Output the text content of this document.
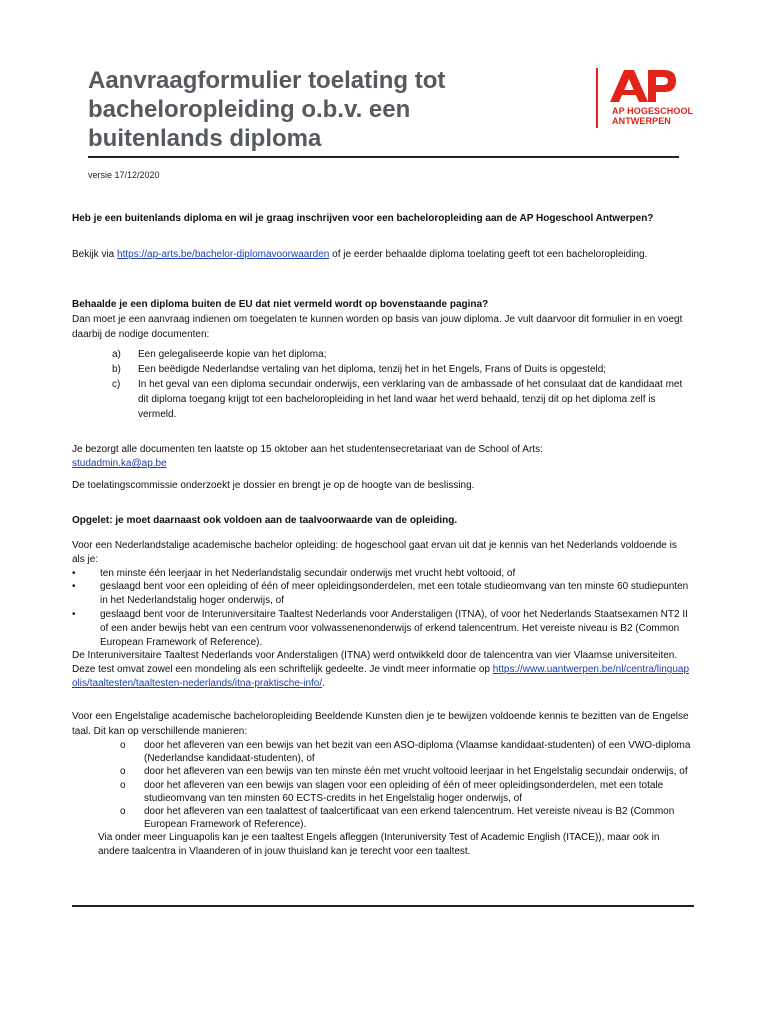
Aanvraagformulier toelating tot bacheloropleiding o.b.v. een buitenlands diploma
AP HOGESCHOOL
ANTWERPEN
versie 17/12/2020
Heb je een buitenlands diploma en wil je graag inschrijven voor een bacheloropleiding aan de AP Hogeschool Antwerpen?
Bekijk via https://ap-arts.be/bachelor-diplomavoorwaarden of je eerder behaalde diploma toelating geeft tot een bacheloropleiding.
Behaalde je een diploma buiten de EU dat niet vermeld wordt op bovenstaande pagina?
Dan moet je een aanvraag indienen om toegelaten te kunnen worden op basis van jouw diploma. Je vult daarvoor dit formulier in en voegt daarbij de nodige documenten:
a) Een gelegaliseerde kopie van het diploma;
b) Een beëdigde Nederlandse vertaling van het diploma, tenzij het in het Engels, Frans of Duits is opgesteld;
c) In het geval van een diploma secundair onderwijs, een verklaring van de ambassade of het consulaat dat de kandidaat met dit diploma toegang krijgt tot een bacheloropleiding in het land waar het werd behaald, tenzij dit op het diploma zelf is vermeld.
Je bezorgt alle documenten ten laatste op 15 oktober aan het studentensecretariaat van de School of Arts:
studadmin.ka@ap.be
De toelatingscommissie onderzoekt je dossier en brengt je op de hoogte van de beslissing.
Opgelet: je moet daarnaast ook voldoen aan de taalvoorwaarde van de opleiding.
Voor een Nederlandstalige academische bachelor opleiding: de hogeschool gaat ervan uit dat je kennis van het Nederlands voldoende is als je:
• ten minste één leerjaar in het Nederlandstalig secundair onderwijs met vrucht hebt voltooid, of
• geslaagd bent voor een opleiding of één of meer opleidingsonderdelen, met een totale studieomvang van ten minste 60 studiepunten in het Nederlandstalig hoger onderwijs, of
• geslaagd bent voor de Interuniversitaire Taaltest Nederlands voor Anderstaligen (ITNA), of voor het Nederlands Staatsexamen NT2 II of een ander bewijs hebt van een centrum voor volwassenenonderwijs of erkend talencentrum. Het vereiste niveau is B2 (Common European Framework of Reference).
De Interuniversitaire Taaltest Nederlands voor Anderstaligen (ITNA) werd ontwikkeld door de talencentra van vier Vlaamse universiteiten. Deze test omvat zowel een mondeling als een schriftelijk gedeelte. Je vindt meer informatie op https://www.uantwerpen.be/nl/centra/linguapolis/taaltesten/taaltesten-nederlands/itna-praktische-info/.
Voor een Engelstalige academische bacheloropleiding Beeldende Kunsten dien je te bewijzen voldoende kennis te bezitten van de Engelse taal. Dit kan op verschillende manieren:
o door het afleveren van een bewijs van het bezit van een ASO-diploma (Vlaamse kandidaat-studenten) of een VWO-diploma (Nederlandse kandidaat-studenten), of
o door het afleveren van een bewijs van ten minste één met vrucht voltooid leerjaar in het Engelstalig secundair onderwijs, of
o door het afleveren van een bewijs van slagen voor een opleiding of één of meer opleidingsonderdelen, met een totale studieomvang van ten minsten 60 ECTS-credits in het Engelstalig hoger onderwijs, of
o door het afleveren van een taalattest of taalcertificaat van een erkend talencentrum. Het vereiste niveau is B2 (Common European Framework of Reference).
Via onder meer Linguapolis kan je een taaltest Engels afleggen (Interuniversity Test of Academic English (ITACE)), maar ook in andere taalcentra in Vlaanderen of in jouw thuisland kan je terecht voor een taaltest.
